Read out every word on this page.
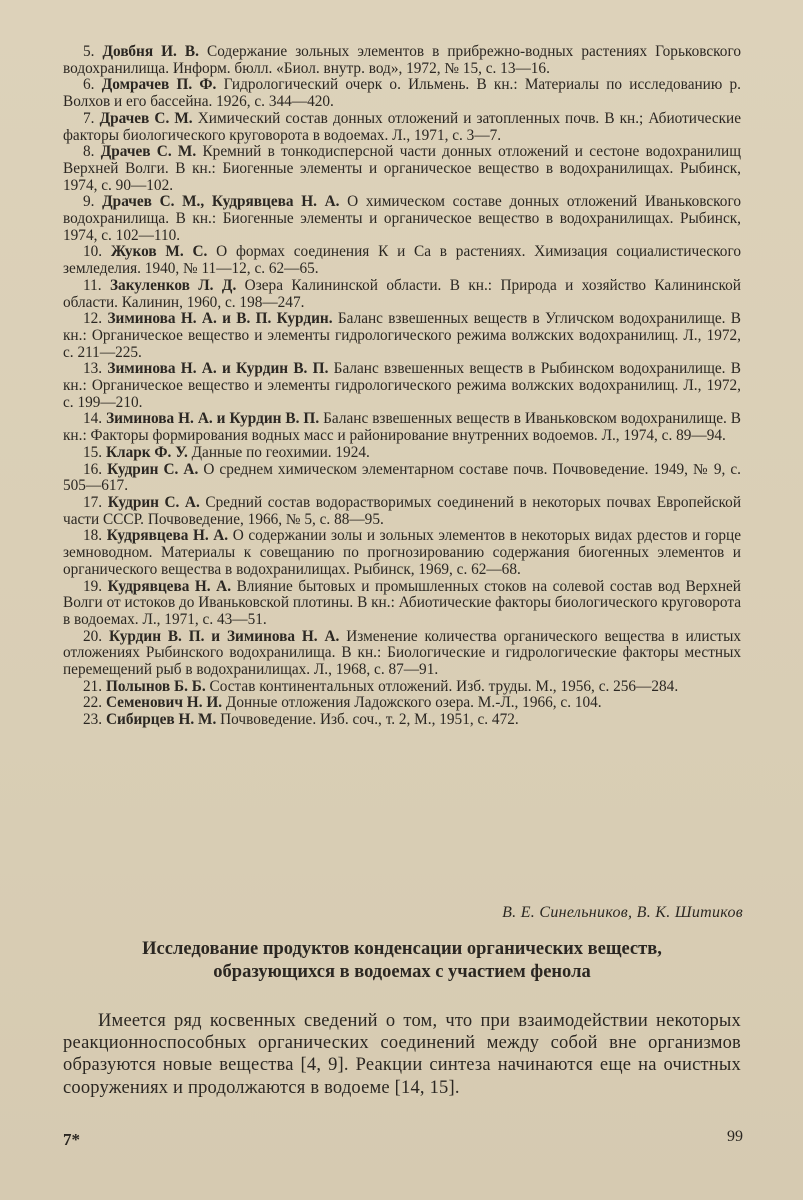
5. Довбня И. В. Содержание зольных элементов в прибрежно-водных растениях Горьковского водохранилища. Информ. бюлл. «Биол. внутр. вод», 1972, № 15, с. 13—16.

6. Домрачев П. Ф. Гидрологический очерк о. Ильмень. В кн.: Материалы по исследованию р. Волхов и его бассейна. 1926, с. 344—420.

7. Драчев С. М. Химический состав донных отложений и затопленных почв. В кн.; Абиотические факторы биологического круговорота в водоемах. Л., 1971, с. 3—7.

8. Драчев С. М. Кремний в тонкодисперсной части донных отложений и сестоне водохранилищ Верхней Волги. В кн.: Биогенные элементы и органическое вещество в водохранилищах. Рыбинск, 1974, с. 90—102.

9. Драчев С. М., Кудрявцева Н. А. О химическом составе донных отложений Иваньковского водохранилища. В кн.: Биогенные элементы и органическое вещество в водохранилищах. Рыбинск, 1974, с. 102—110.

10. Жуков М. С. О формах соединения К и Са в растениях. Химизация социалистического земледелия. 1940, № 11—12, с. 62—65.

11. Закуленков Л. Д. Озера Калининской области. В кн.: Природа и хозяйство Калининской области. Калинин, 1960, с. 198—247.

12. Зиминова Н. А. и В. П. Курдин. Баланс взвешенных веществ в Угличском водохранилище. В кн.: Органическое вещество и элементы гидрологического режима волжских водохранилищ. Л., 1972, с. 211—225.

13. Зиминова Н. А. и Курдин В. П. Баланс взвешенных веществ в Рыбинском водохранилище. В кн.: Органическое вещество и элементы гидрологического режима волжских водохранилищ. Л., 1972, с. 199—210.

14. Зиминова Н. А. и Курдин В. П. Баланс взвешенных веществ в Иваньковском водохранилище. В кн.: Факторы формирования водных масс и районирование внутренних водоемов. Л., 1974, с. 89—94.

15. Кларк Ф. У. Данные по геохимии. 1924.

16. Кудрин С. А. О среднем химическом элементарном составе почв. Почвоведение. 1949, № 9, с. 505—617.

17. Кудрин С. А. Средний состав водорастворимых соединений в некоторых почвах Европейской части СССР. Почвоведение, 1966, № 5, с. 88—95.

18. Кудрявцева Н. А. О содержании золы и зольных элементов в некоторых видах рдестов и горце земноводном. Материалы к совещанию по прогнозированию содержания биогенных элементов и органического вещества в водохранилищах. Рыбинск, 1969, с. 62—68.

19. Кудрявцева Н. А. Влияние бытовых и промышленных стоков на солевой состав вод Верхней Волги от истоков до Иваньковской плотины. В кн.: Абиотические факторы биологического круговорота в водоемах. Л., 1971, с. 43—51.

20. Курдин В. П. и Зиминова Н. А. Изменение количества органического вещества в илистых отложениях Рыбинского водохранилища. В кн.: Биологические и гидрологические факторы местных перемещений рыб в водохранилищах. Л., 1968, с. 87—91.

21. Полынов Б. Б. Состав континентальных отложений. Изб. труды. М., 1956, с. 256—284.

22. Семенович Н. И. Донные отложения Ладожского озера. М.-Л., 1966, с. 104.

23. Сибирцев Н. М. Почвоведение. Изб. соч., т. 2, М., 1951, с. 472.

В. Е. Синельников, В. К. Шитиков
Исследование продуктов конденсации органических веществ,
образующихся в водоемах с участием фенола

Имеется ряд косвенных сведений о том, что при взаимодействии некоторых реакционноспособных органических соединений между собой вне организмов образуются новые вещества [4, 9]. Реакции синтеза начинаются еще на очистных сооружениях и продолжаются в водоеме [14, 15].

7*	99
